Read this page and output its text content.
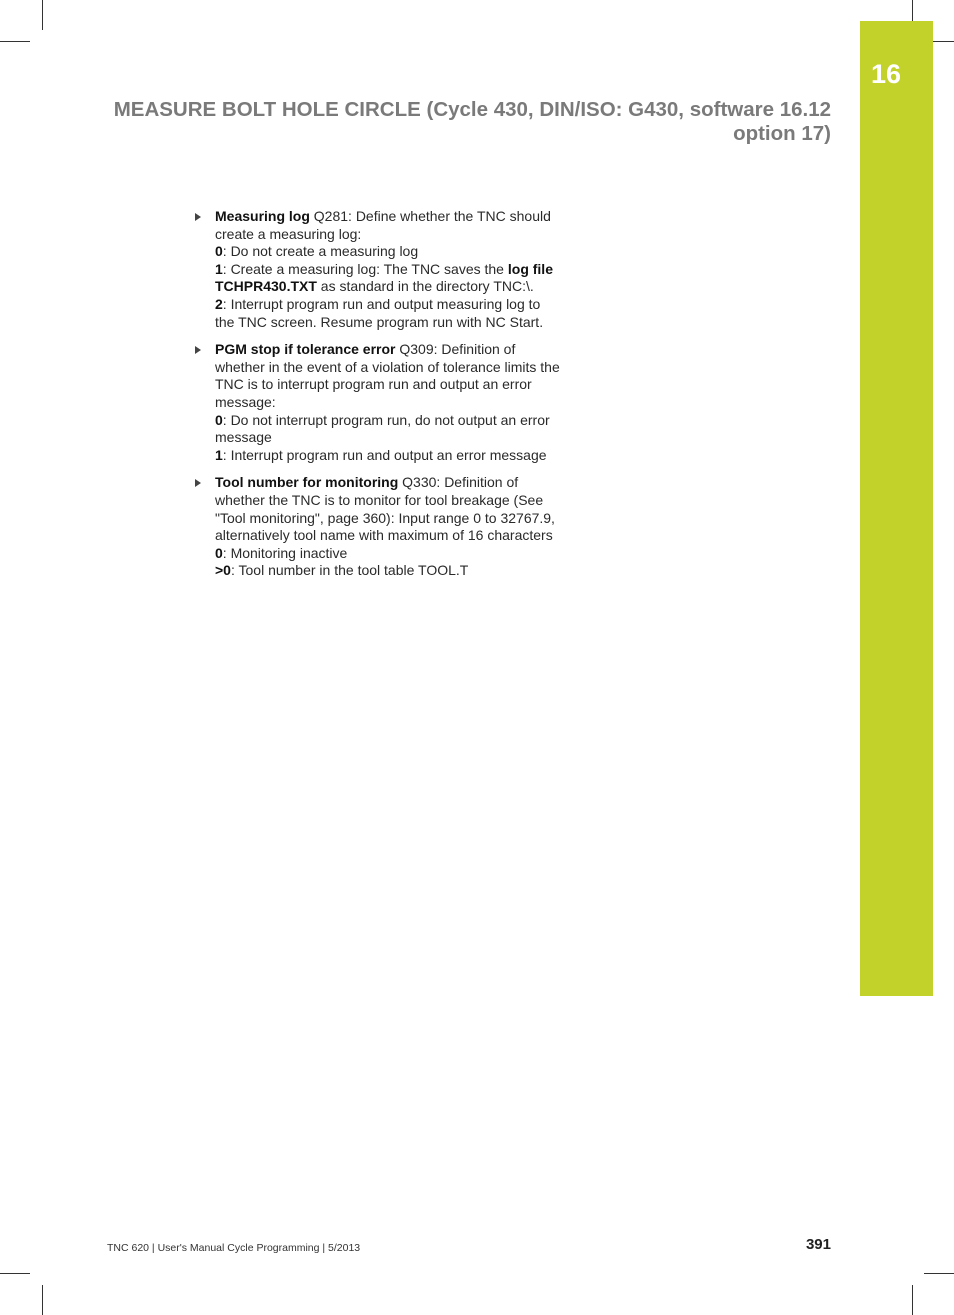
16
MEASURE BOLT HOLE CIRCLE (Cycle 430, DIN/ISO: G430, software 16.12
option 17)
Measuring log Q281: Define whether the TNC should create a measuring log:
0: Do not create a measuring log
1: Create a measuring log: The TNC saves the log file TCHPR430.TXT as standard in the directory TNC:\.
2: Interrupt program run and output measuring log to the TNC screen. Resume program run with NC Start.
PGM stop if tolerance error Q309: Definition of whether in the event of a violation of tolerance limits the TNC is to interrupt program run and output an error message:
0: Do not interrupt program run, do not output an error message
1: Interrupt program run and output an error message
Tool number for monitoring Q330: Definition of whether the TNC is to monitor for tool breakage (See "Tool monitoring", page 360): Input range 0 to 32767.9, alternatively tool name with maximum of 16 characters
0: Monitoring inactive
>0: Tool number in the tool table TOOL.T
TNC 620 | User's Manual Cycle Programming | 5/2013	391
